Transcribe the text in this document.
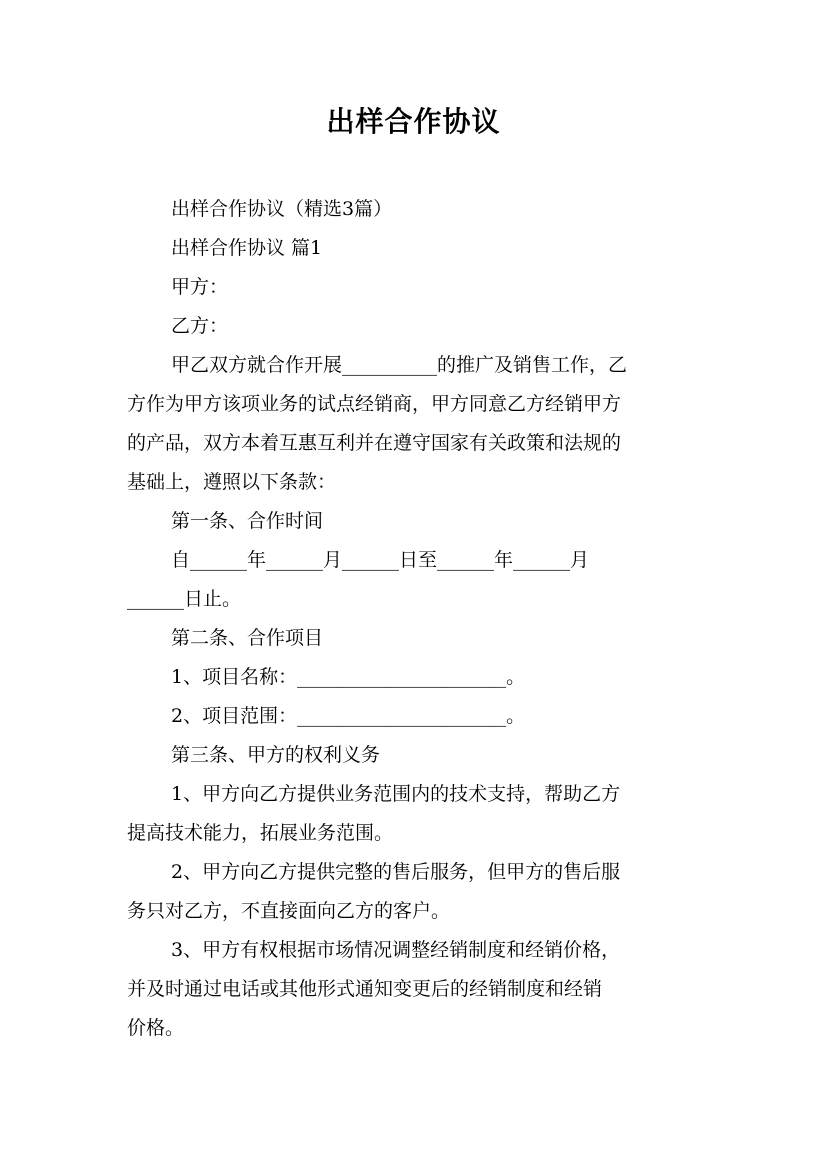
出样合作协议
出样合作协议（精选3篇）
出样合作协议 篇1
甲方：
乙方：
甲乙双方就合作开展__________的推广及销售工作，乙
方作为甲方该项业务的试点经销商，甲方同意乙方经销甲方
的产品，双方本着互惠互利并在遵守国家有关政策和法规的
基础上，遵照以下条款：
第一条、合作时间
自______年______月______日至______年______月
______日止。
第二条、合作项目
1、项目名称：______________________。
2、项目范围：______________________。
第三条、甲方的权利义务
1、甲方向乙方提供业务范围内的技术支持，帮助乙方
提高技术能力，拓展业务范围。
2、甲方向乙方提供完整的售后服务，但甲方的售后服
务只对乙方，不直接面向乙方的客户。
3、甲方有权根据市场情况调整经销制度和经销价格，
并及时通过电话或其他形式通知变更后的经销制度和经销
价格。
